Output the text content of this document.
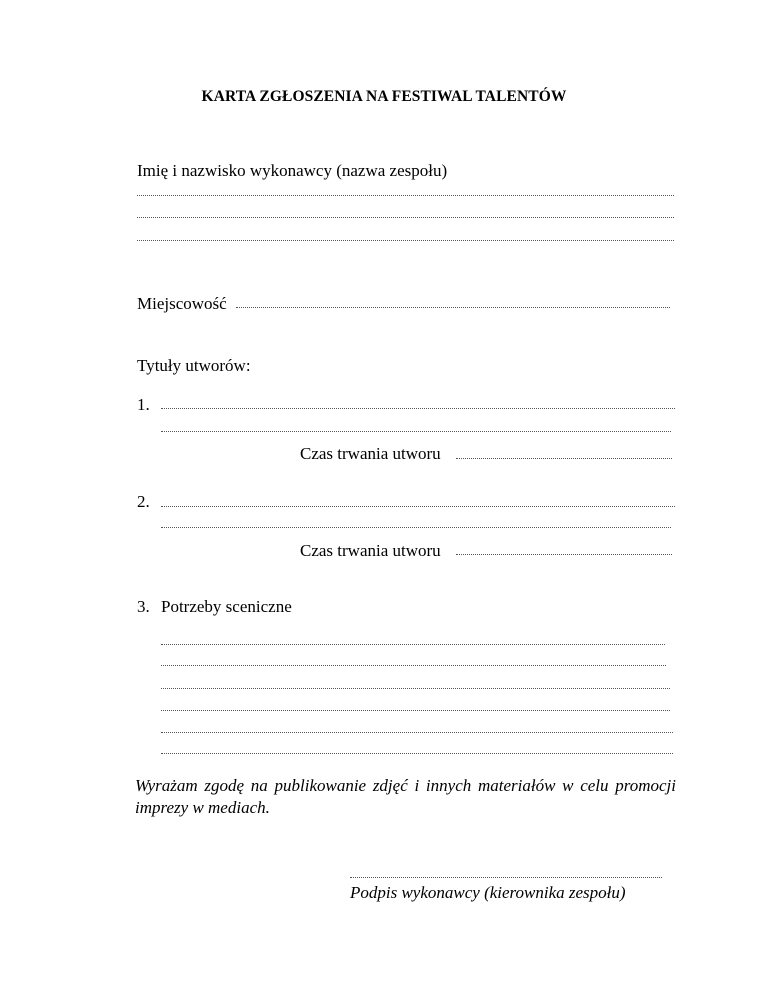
KARTA ZGŁOSZENIA NA FESTIWAL TALENTÓW
Imię i nazwisko wykonawcy (nazwa zespołu)
Miejscowość
Tytuły utworów:
1.
Czas trwania utworu
2.
Czas trwania utworu
3. Potrzeby sceniczne
Wyrażam zgodę na publikowanie zdjęć i innych materiałów w celu promocji imprezy w mediach.
Podpis wykonawcy (kierownika zespołu)
